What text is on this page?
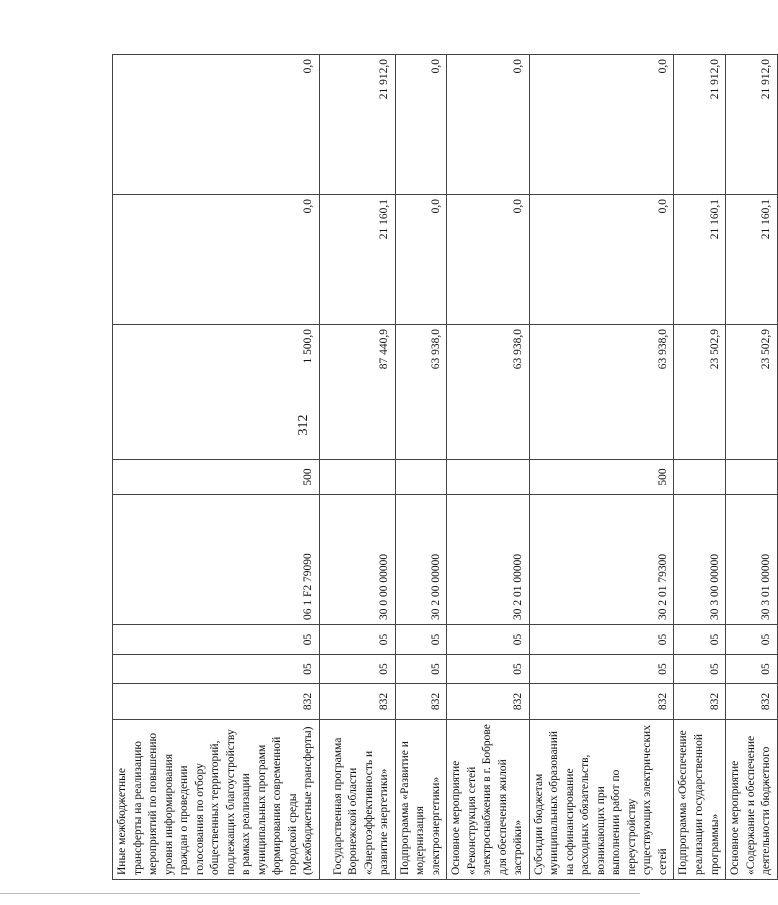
312
Иные межбюджетные трансферты на реализацию мероприятий по повышению уровня информирования граждан о проведении голосования по отбору общественных территорий, подлежащих благоустройству в рамках реализации муниципальных программ формирования современной городской среды (Межбюджетные трансферты)	832	05	05	06 1 F2 79090	500	1 500,0	0,0	0,0
Государственная программа Воронежской области «Энергоэффективность и развитие энергетики»	832	05	05	30 0 00 00000		87 440,9	21 160,1	21 912,0
Подпрограмма «Развитие и модернизация электроэнергетики»	832	05	05	30 2 00 00000		63 938,0	0,0	0,0
Основное мероприятие «Реконструкция сетей электроснабжения в г. Боброве для обеспечения жилой застройки»	832	05	05	30 2 01 00000		63 938,0	0,0	0,0
Субсидии бюджетам муниципальных образований на софинансирование расходных обязательств, возникающих при выполнении работ по переустройству существующих электрических сетей	832	05	05	30 2 01 79300	500	63 938,0	0,0	0,0
Подпрограмма «Обеспечение реализации государственной программы»	832	05	05	30 3 00 00000		23 502,9	21 160,1	21 912,0
Основное мероприятие «Содержание и обеспечение деятельности бюджетного	832	05	05	30 3 01 00000		23 502,9	21 160,1	21 912,0
